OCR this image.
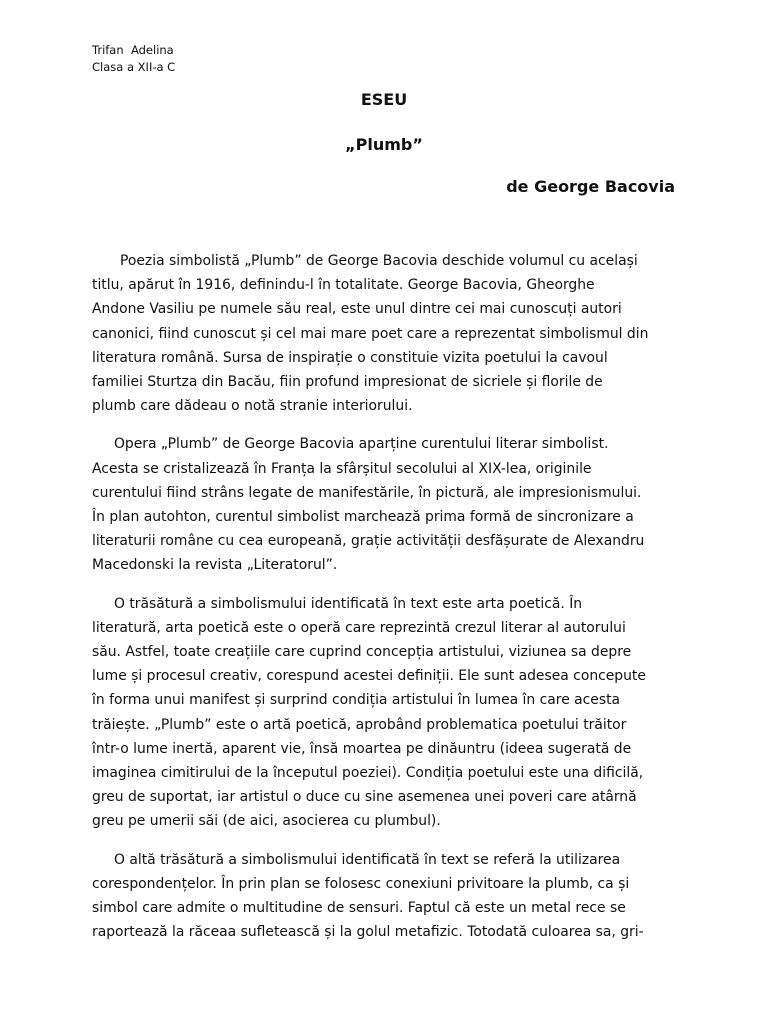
Trifan  Adelina
Clasa a XII-a C
ESEU
„Plumb”
de George Bacovia

Poezia simbolistă „Plumb” de George Bacovia deschide volumul cu același
titlu, apărut în 1916, definindu-l în totalitate. George Bacovia, Gheorghe
Andone Vasiliu pe numele său real, este unul dintre cei mai cunoscuți autori
canonici, fiind cunoscut și cel mai mare poet care a reprezentat simbolismul din
literatura română. Sursa de inspirație o constituie vizita poetului la cavoul
familiei Sturtza din Bacău, fiin profund impresionat de sicriele și florile de
plumb care dădeau o notă stranie interiorului.

Opera „Plumb” de George Bacovia aparține curentului literar simbolist.
Acesta se cristalizează în Franța la sfârșitul secolului al XIX-lea, originile
curentului fiind strâns legate de manifestările, în pictură, ale impresionismului.
În plan autohton, curentul simbolist marchează prima formă de sincronizare a
literaturii române cu cea europeană, grație activității desfășurate de Alexandru
Macedonski la revista „Literatorul”.

O trăsătură a simbolismului identificată în text este arta poetică. În
literatură, arta poetică este o operă care reprezintă crezul literar al autorului
său. Astfel, toate creațiile care cuprind concepția artistului, viziunea sa depre
lume și procesul creativ, corespund acestei definiții. Ele sunt adesea concepute
în forma unui manifest și surprind condiția artistului în lumea în care acesta
trăiește. „Plumb” este o artă poetică, aprobând problematica poetului trăitor
într-o lume inertă, aparent vie, însă moartea pe dinăuntru (ideea sugerată de
imaginea cimitirului de la începutul poeziei). Condiția poetului este una dificilă,
greu de suportat, iar artistul o duce cu sine asemenea unei poveri care atârnă
greu pe umerii săi (de aici, asocierea cu plumbul).

O altă trăsătură a simbolismului identificată în text se referă la utilizarea
corespondențelor. În prin plan se folosesc conexiuni privitoare la plumb, ca și
simbol care admite o multitudine de sensuri. Faptul că este un metal rece se
raportează la răceaa sufletească și la golul metafizic. Totodată culoarea sa, gri-
